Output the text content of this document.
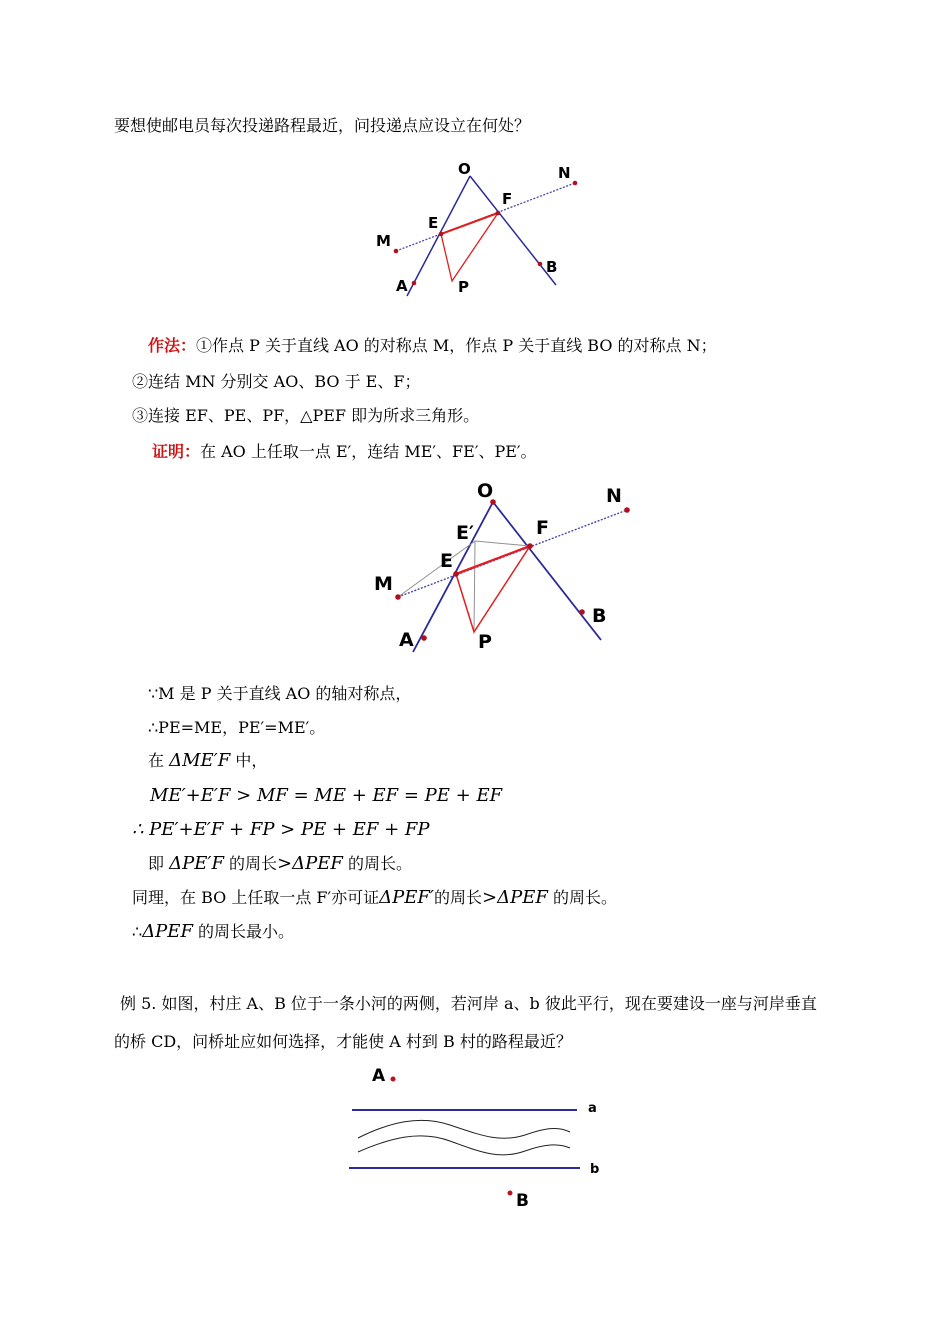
要想使邮电员每次投递路程最近，问投递点应设立在何处？
O	N
F
E
M
B
A	P
作法：①作点 P 关于直线 AO 的对称点 M，作点 P 关于直线 BO 的对称点 N；
②连结 MN 分别交 AO、BO 于 E、F；
③连接 EF、PE、PF，△PEF 即为所求三角形。
证明：在 AO 上任取一点 E′，连结 ME′、FE′、PE′。
O	N
E′	F
E
M
B
A	P
∵M 是 P 关于直线 AO 的轴对称点，
∴PE=ME，PE′=ME′。
在 ΔME′F 中，
ME′+E′F > MF = ME + EF = PE + EF
∴ PE′+E′F + FP > PE + EF + FP
即 ΔPE′F 的周长>ΔPEF 的周长。
同理，在 BO 上任取一点 F′亦可证ΔPEF′的周长>ΔPEF 的周长。
∴ΔPEF 的周长最小。
例 5. 如图，村庄 A、B 位于一条小河的两侧，若河岸 a、b 彼此平行，现在要建设一座与河岸垂直
的桥 CD，问桥址应如何选择，才能使 A 村到 B 村的路程最近？
A
a
b
B
